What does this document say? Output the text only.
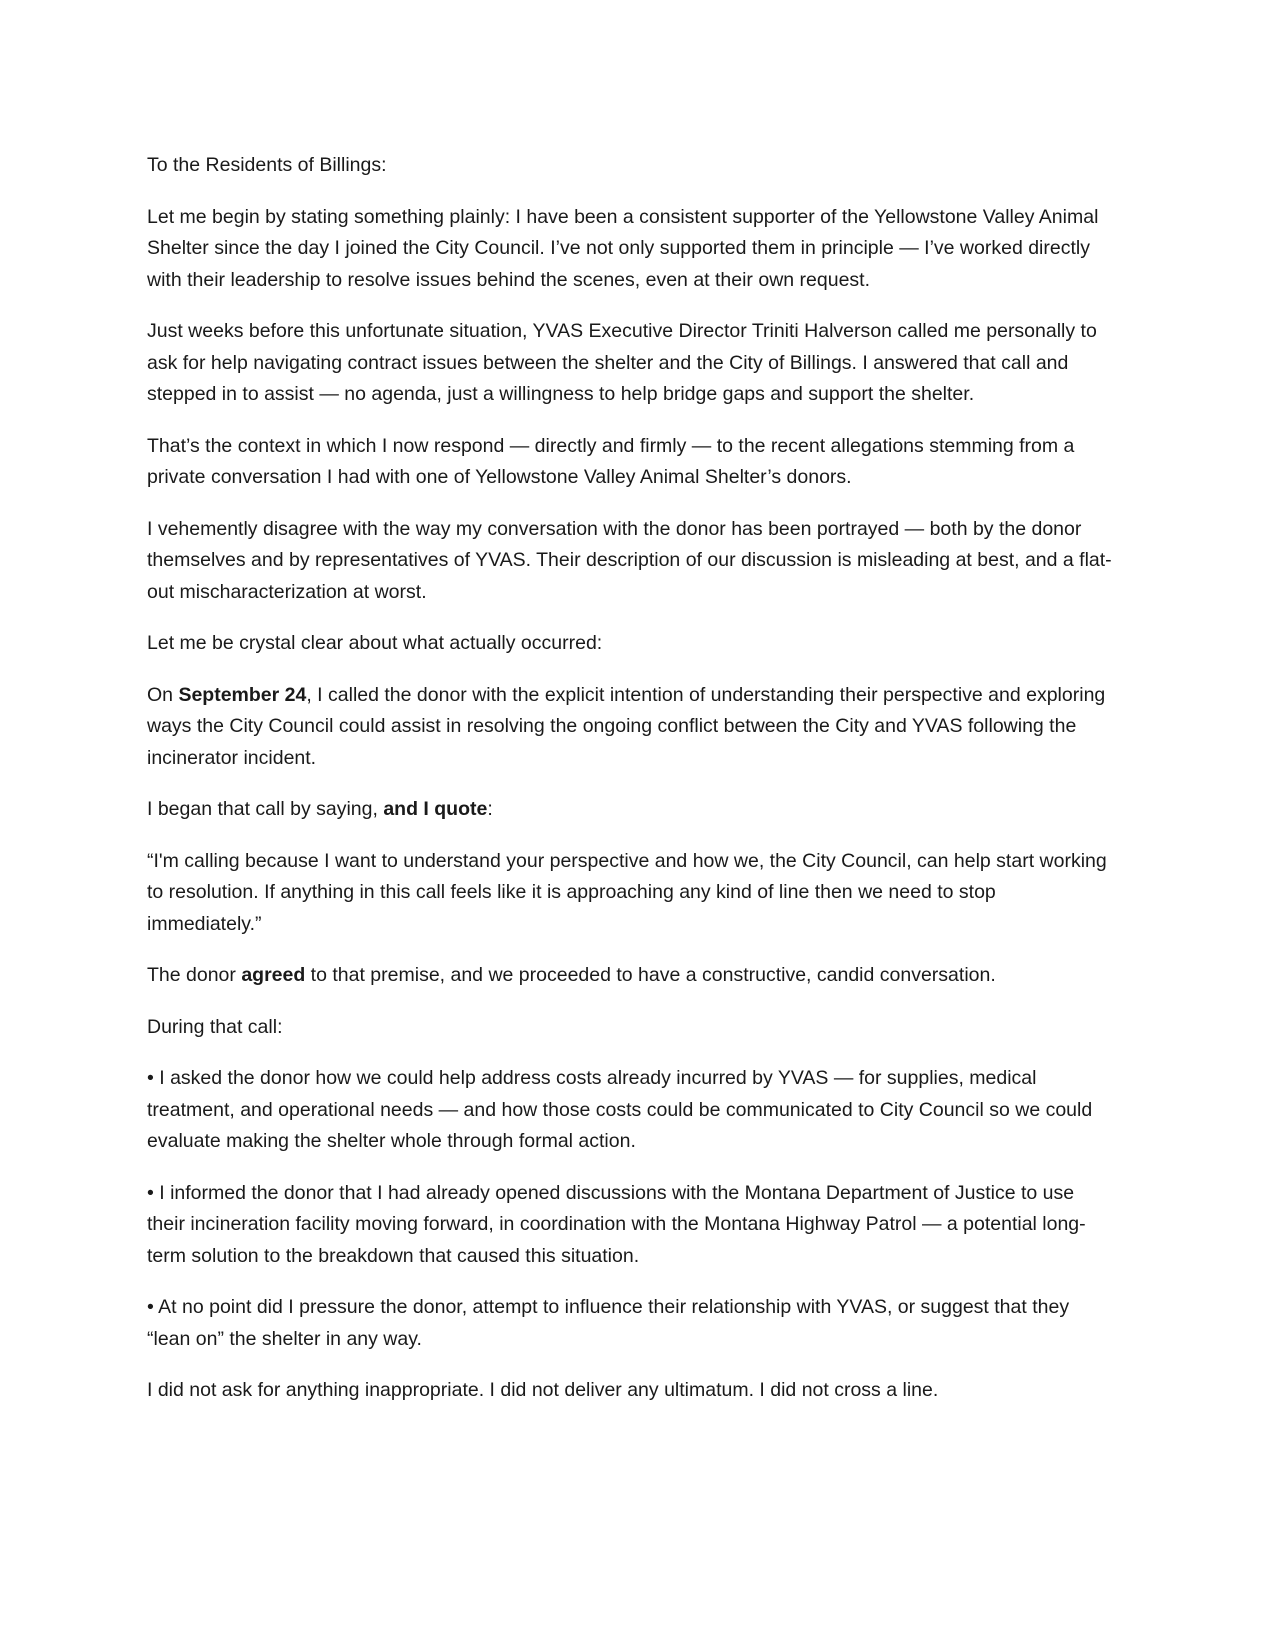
To the Residents of Billings:

Let me begin by stating something plainly: I have been a consistent supporter of the Yellowstone Valley Animal Shelter since the day I joined the City Council. I’ve not only supported them in principle — I’ve worked directly with their leadership to resolve issues behind the scenes, even at their own request.

Just weeks before this unfortunate situation, YVAS Executive Director Triniti Halverson called me personally to ask for help navigating contract issues between the shelter and the City of Billings. I answered that call and stepped in to assist — no agenda, just a willingness to help bridge gaps and support the shelter.

That’s the context in which I now respond — directly and firmly — to the recent allegations stemming from a private conversation I had with one of Yellowstone Valley Animal Shelter’s donors.

I vehemently disagree with the way my conversation with the donor has been portrayed — both by the donor themselves and by representatives of YVAS. Their description of our discussion is misleading at best, and a flat-out mischaracterization at worst.

Let me be crystal clear about what actually occurred:

On September 24, I called the donor with the explicit intention of understanding their perspective and exploring ways the City Council could assist in resolving the ongoing conflict between the City and YVAS following the incinerator incident.

I began that call by saying, and I quote:

“I'm calling because I want to understand your perspective and how we, the City Council, can help start working to resolution. If anything in this call feels like it is approaching any kind of line then we need to stop immediately.”

The donor agreed to that premise, and we proceeded to have a constructive, candid conversation.

During that call:

• I asked the donor how we could help address costs already incurred by YVAS — for supplies, medical treatment, and operational needs — and how those costs could be communicated to City Council so we could evaluate making the shelter whole through formal action.

• I informed the donor that I had already opened discussions with the Montana Department of Justice to use their incineration facility moving forward, in coordination with the Montana Highway Patrol — a potential long-term solution to the breakdown that caused this situation.

• At no point did I pressure the donor, attempt to influence their relationship with YVAS, or suggest that they “lean on” the shelter in any way.

I did not ask for anything inappropriate. I did not deliver any ultimatum. I did not cross a line.
